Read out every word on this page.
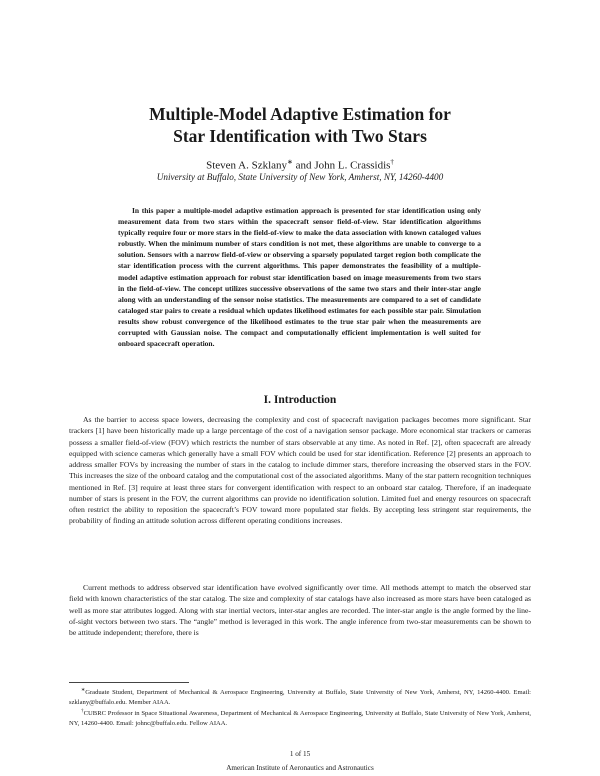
Multiple-Model Adaptive Estimation for
Star Identification with Two Stars
Steven A. Szklany∗ and John L. Crassidis†
University at Buffalo, State University of New York, Amherst, NY, 14260-4400

In this paper a multiple-model adaptive estimation approach is presented for star identification using only measurement data from two stars within the spacecraft sensor field-of-view. Star identification algorithms typically require four or more stars in the field-of-view to make the data association with known cataloged values robustly. When the minimum number of stars condition is not met, these algorithms are unable to converge to a solution. Sensors with a narrow field-of-view or observing a sparsely populated target region both complicate the star identification process with the current algorithms. This paper demonstrates the feasibility of a multiple-model adaptive estimation approach for robust star identification based on image measurements from two stars in the field-of-view. The concept utilizes successive observations of the same two stars and their inter-star angle along with an understanding of the sensor noise statistics. The measurements are compared to a set of candidate cataloged star pairs to create a residual which updates likelihood estimates for each possible star pair. Simulation results show robust convergence of the likelihood estimates to the true star pair when the measurements are corrupted with Gaussian noise. The compact and computationally efficient implementation is well suited for onboard spacecraft operation.

I. Introduction

As the barrier to access space lowers, decreasing the complexity and cost of spacecraft navigation packages becomes more significant. Star trackers [1] have been historically made up a large percentage of the cost of a navigation sensor package. More economical star trackers or cameras possess a smaller field-of-view (FOV) which restricts the number of stars observable at any time. As noted in Ref. [2], often spacecraft are already equipped with science cameras which generally have a small FOV which could be used for star identification. Reference [2] presents an approach to address smaller FOVs by increasing the number of stars in the catalog to include dimmer stars, therefore increasing the observed stars in the FOV. This increases the size of the onboard catalog and the computational cost of the associated algorithms. Many of the star pattern recognition techniques mentioned in Ref. [3] require at least three stars for convergent identification with respect to an onboard star catalog. Therefore, if an inadequate number of stars is present in the FOV, the current algorithms can provide no identification solution. Limited fuel and energy resources on spacecraft often restrict the ability to reposition the spacecraft’s FOV toward more populated star fields. By accepting less stringent star requirements, the probability of finding an attitude solution across different operating conditions increases.

Current methods to address observed star identification have evolved significantly over time. All methods attempt to match the observed star field with known characteristics of the star catalog. The size and complexity of star catalogs have also increased as more stars have been cataloged as well as more star attributes logged. Along with star inertial vectors, inter-star angles are recorded. The inter-star angle is the angle formed by the line-of-sight vectors between two stars. The “angle” method is leveraged in this work. The angle inference from two-star measurements can be shown to be attitude independent; therefore, there is

∗Graduate Student, Department of Mechanical & Aerospace Engineering, University at Buffalo, State University of New York, Amherst, NY, 14260-4400. Email: szklany@buffalo.edu. Member AIAA.

†CUBRC Professor in Space Situational Awareness, Department of Mechanical & Aerospace Engineering, University at Buffalo, State University of New York, Amherst, NY, 14260-4400. Email: johnc@buffalo.edu. Fellow AIAA.

1 of 15
American Institute of Aeronautics and Astronautics
